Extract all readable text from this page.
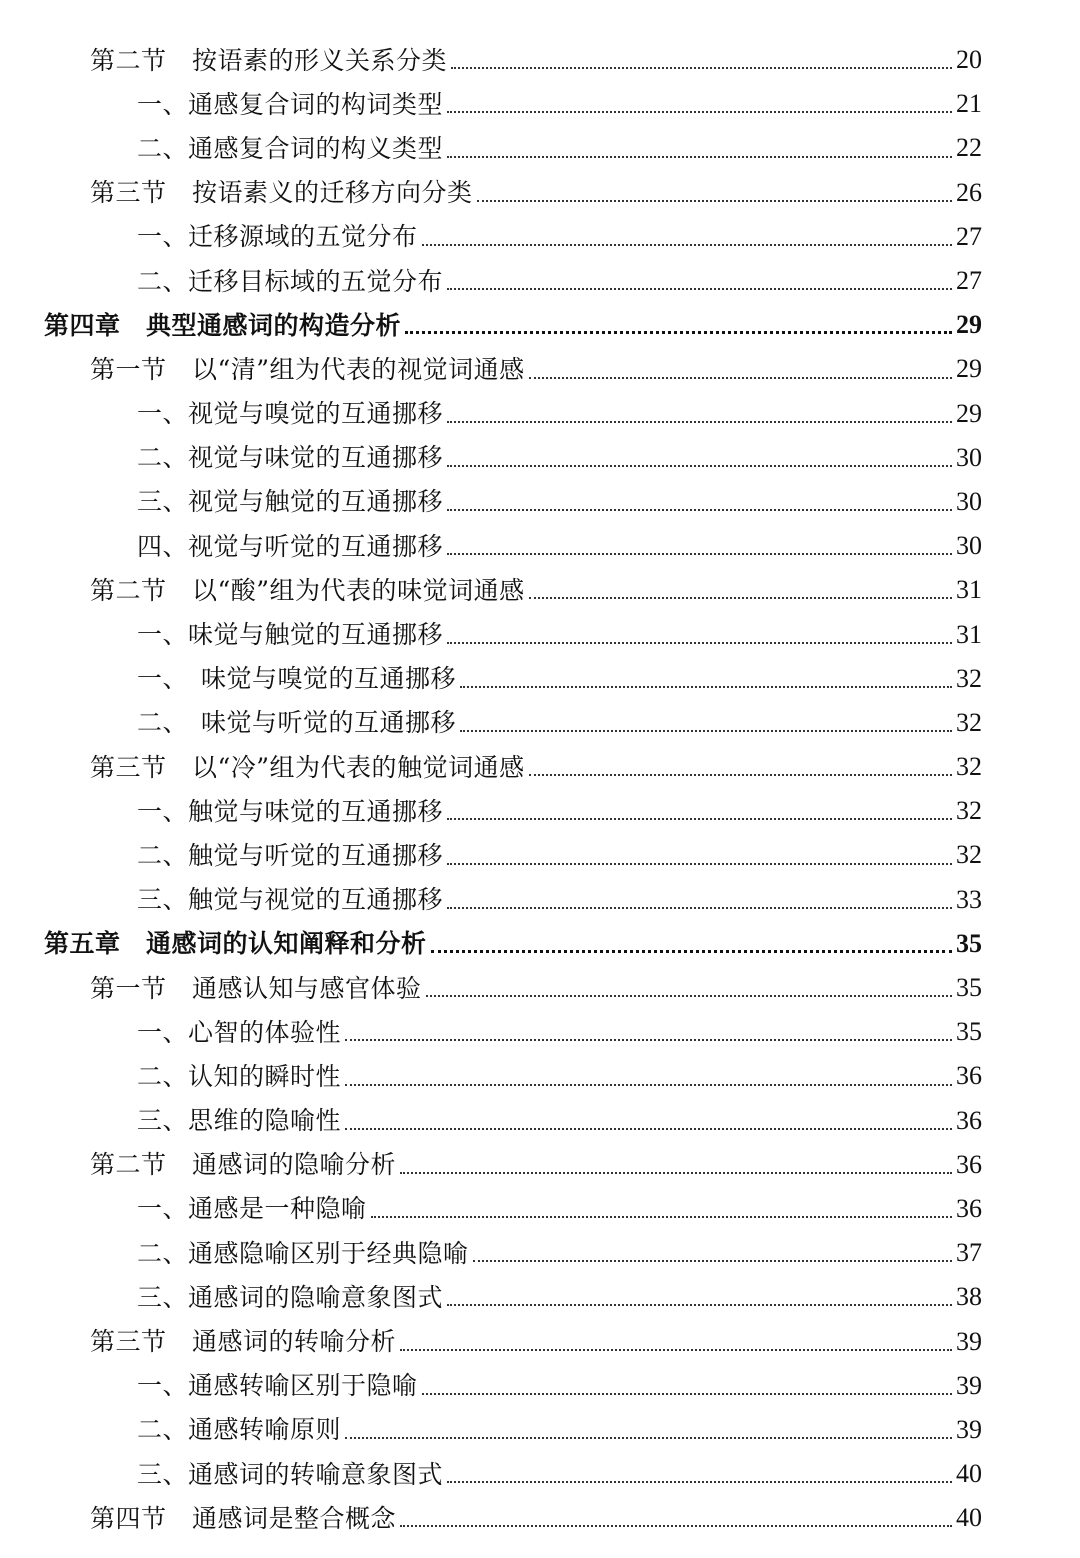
第二节　按语素的形义关系分类	20
一、通感复合词的构词类型	21
二、通感复合词的构义类型	22
第三节　按语素义的迁移方向分类	26
一、迁移源域的五觉分布	27
二、迁移目标域的五觉分布	27
第四章　典型通感词的构造分析	29
第一节　以“清”组为代表的视觉词通感	29
一、视觉与嗅觉的互通挪移	29
二、视觉与味觉的互通挪移	30
三、视觉与触觉的互通挪移	30
四、视觉与听觉的互通挪移	30
第二节　以“酸”组为代表的味觉词通感	31
一、味觉与触觉的互通挪移	31
一、　味觉与嗅觉的互通挪移	32
二、　味觉与听觉的互通挪移	32
第三节　以“冷”组为代表的触觉词通感	32
一、触觉与味觉的互通挪移	32
二、触觉与听觉的互通挪移	32
三、触觉与视觉的互通挪移	33
第五章　通感词的认知阐释和分析	35
第一节　通感认知与感官体验	35
一、心智的体验性	35
二、认知的瞬时性	36
三、思维的隐喻性	36
第二节　通感词的隐喻分析	36
一、通感是一种隐喻	36
二、通感隐喻区别于经典隐喻	37
三、通感词的隐喻意象图式	38
第三节　通感词的转喻分析	39
一、通感转喻区别于隐喻	39
二、通感转喻原则	39
三、通感词的转喻意象图式	40
第四节　通感词是整合概念	40
